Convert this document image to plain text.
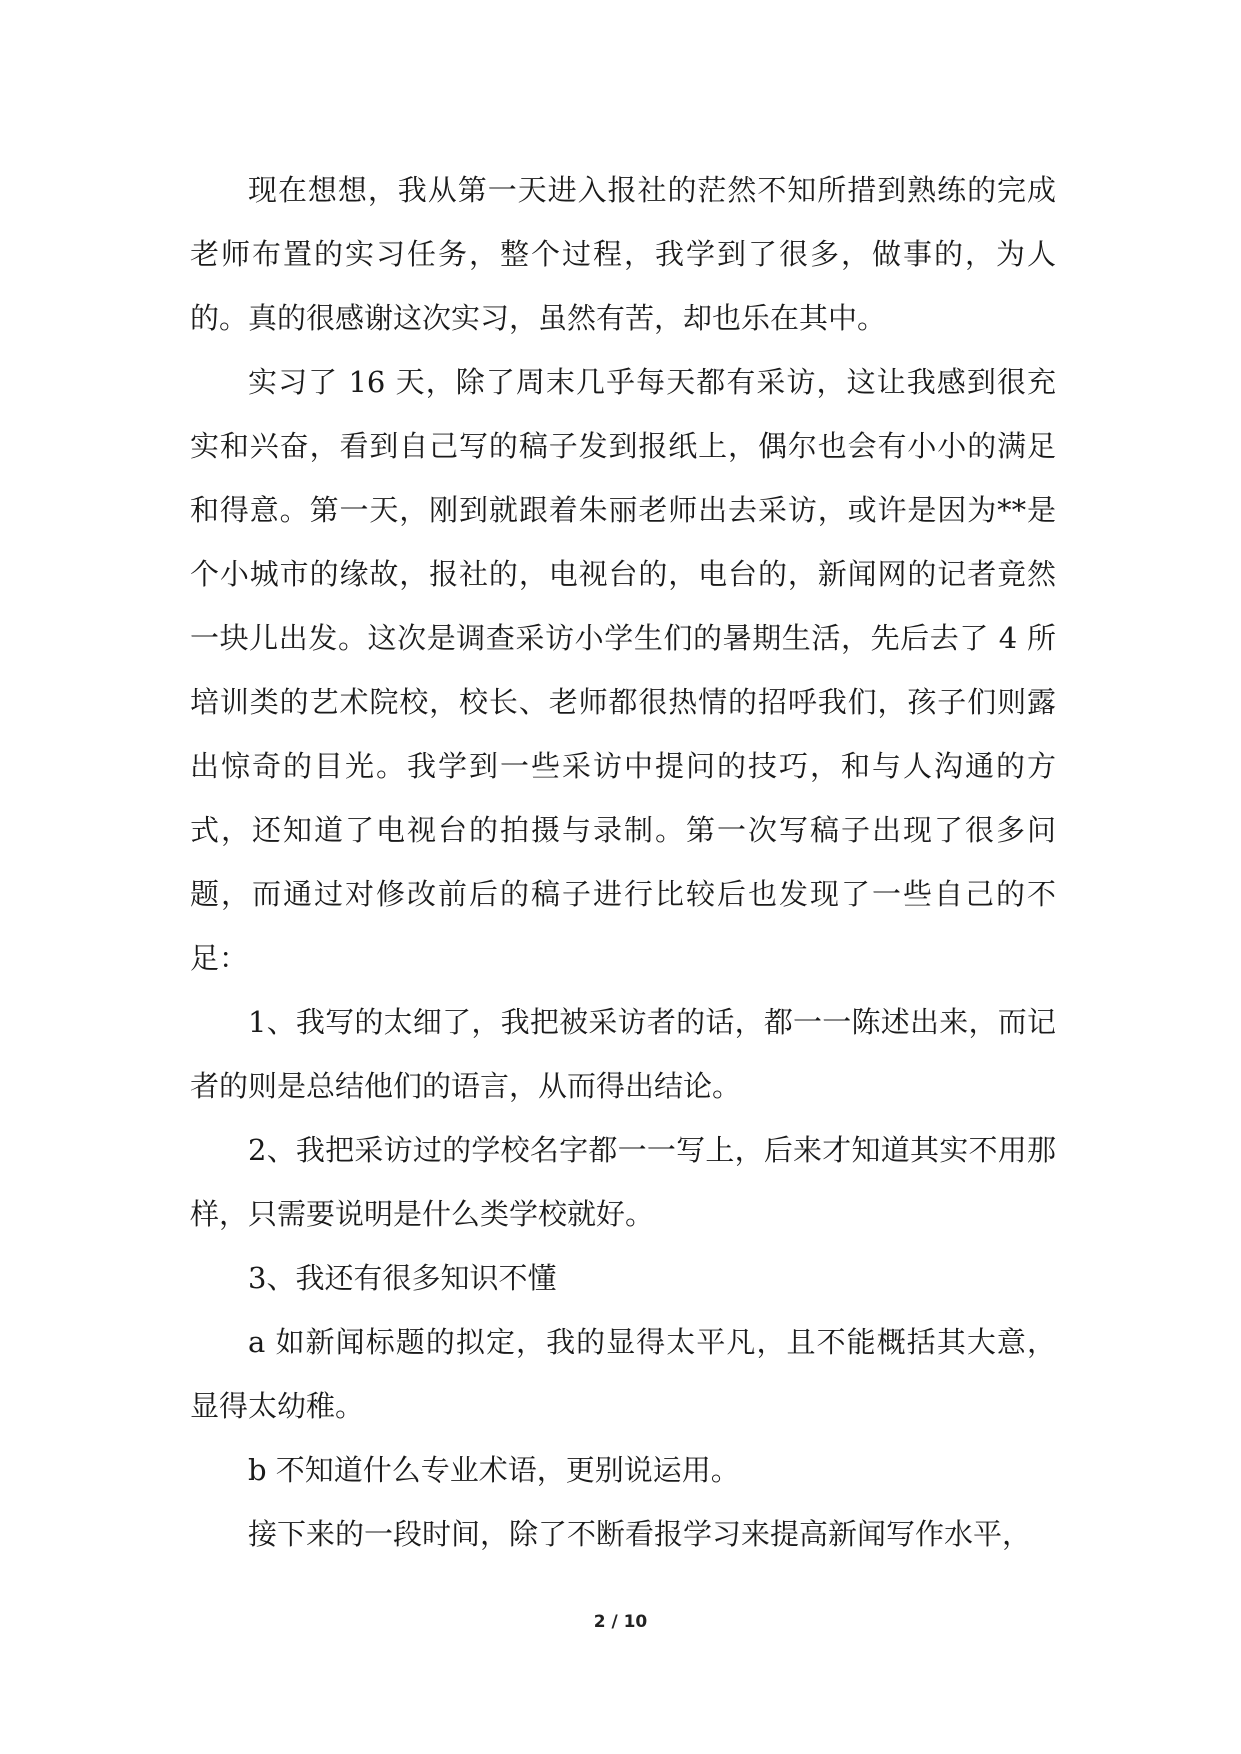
现在想想，我从第一天进入报社的茫然不知所措到熟练的完成老师布置的实习任务，整个过程，我学到了很多，做事的，为人的。真的很感谢这次实习，虽然有苦，却也乐在其中。

实习了 16 天，除了周末几乎每天都有采访，这让我感到很充实和兴奋，看到自己写的稿子发到报纸上，偶尔也会有小小的满足和得意。第一天，刚到就跟着朱丽老师出去采访，或许是因为**是个小城市的缘故，报社的，电视台的，电台的，新闻网的记者竟然一块儿出发。这次是调查采访小学生们的暑期生活，先后去了 4 所培训类的艺术院校，校长、老师都很热情的招呼我们，孩子们则露出惊奇的目光。我学到一些采访中提问的技巧，和与人沟通的方式，还知道了电视台的拍摄与录制。第一次写稿子出现了很多问题，而通过对修改前后的稿子进行比较后也发现了一些自己的不足：

1、我写的太细了，我把被采访者的话，都一一陈述出来，而记者的则是总结他们的语言，从而得出结论。

2、我把采访过的学校名字都一一写上，后来才知道其实不用那样，只需要说明是什么类学校就好。

3、我还有很多知识不懂

a 如新闻标题的拟定，我的显得太平凡，且不能概括其大意，显得太幼稚。

b 不知道什么专业术语，更别说运用。

接下来的一段时间，除了不断看报学习来提高新闻写作水平，

2 / 10
